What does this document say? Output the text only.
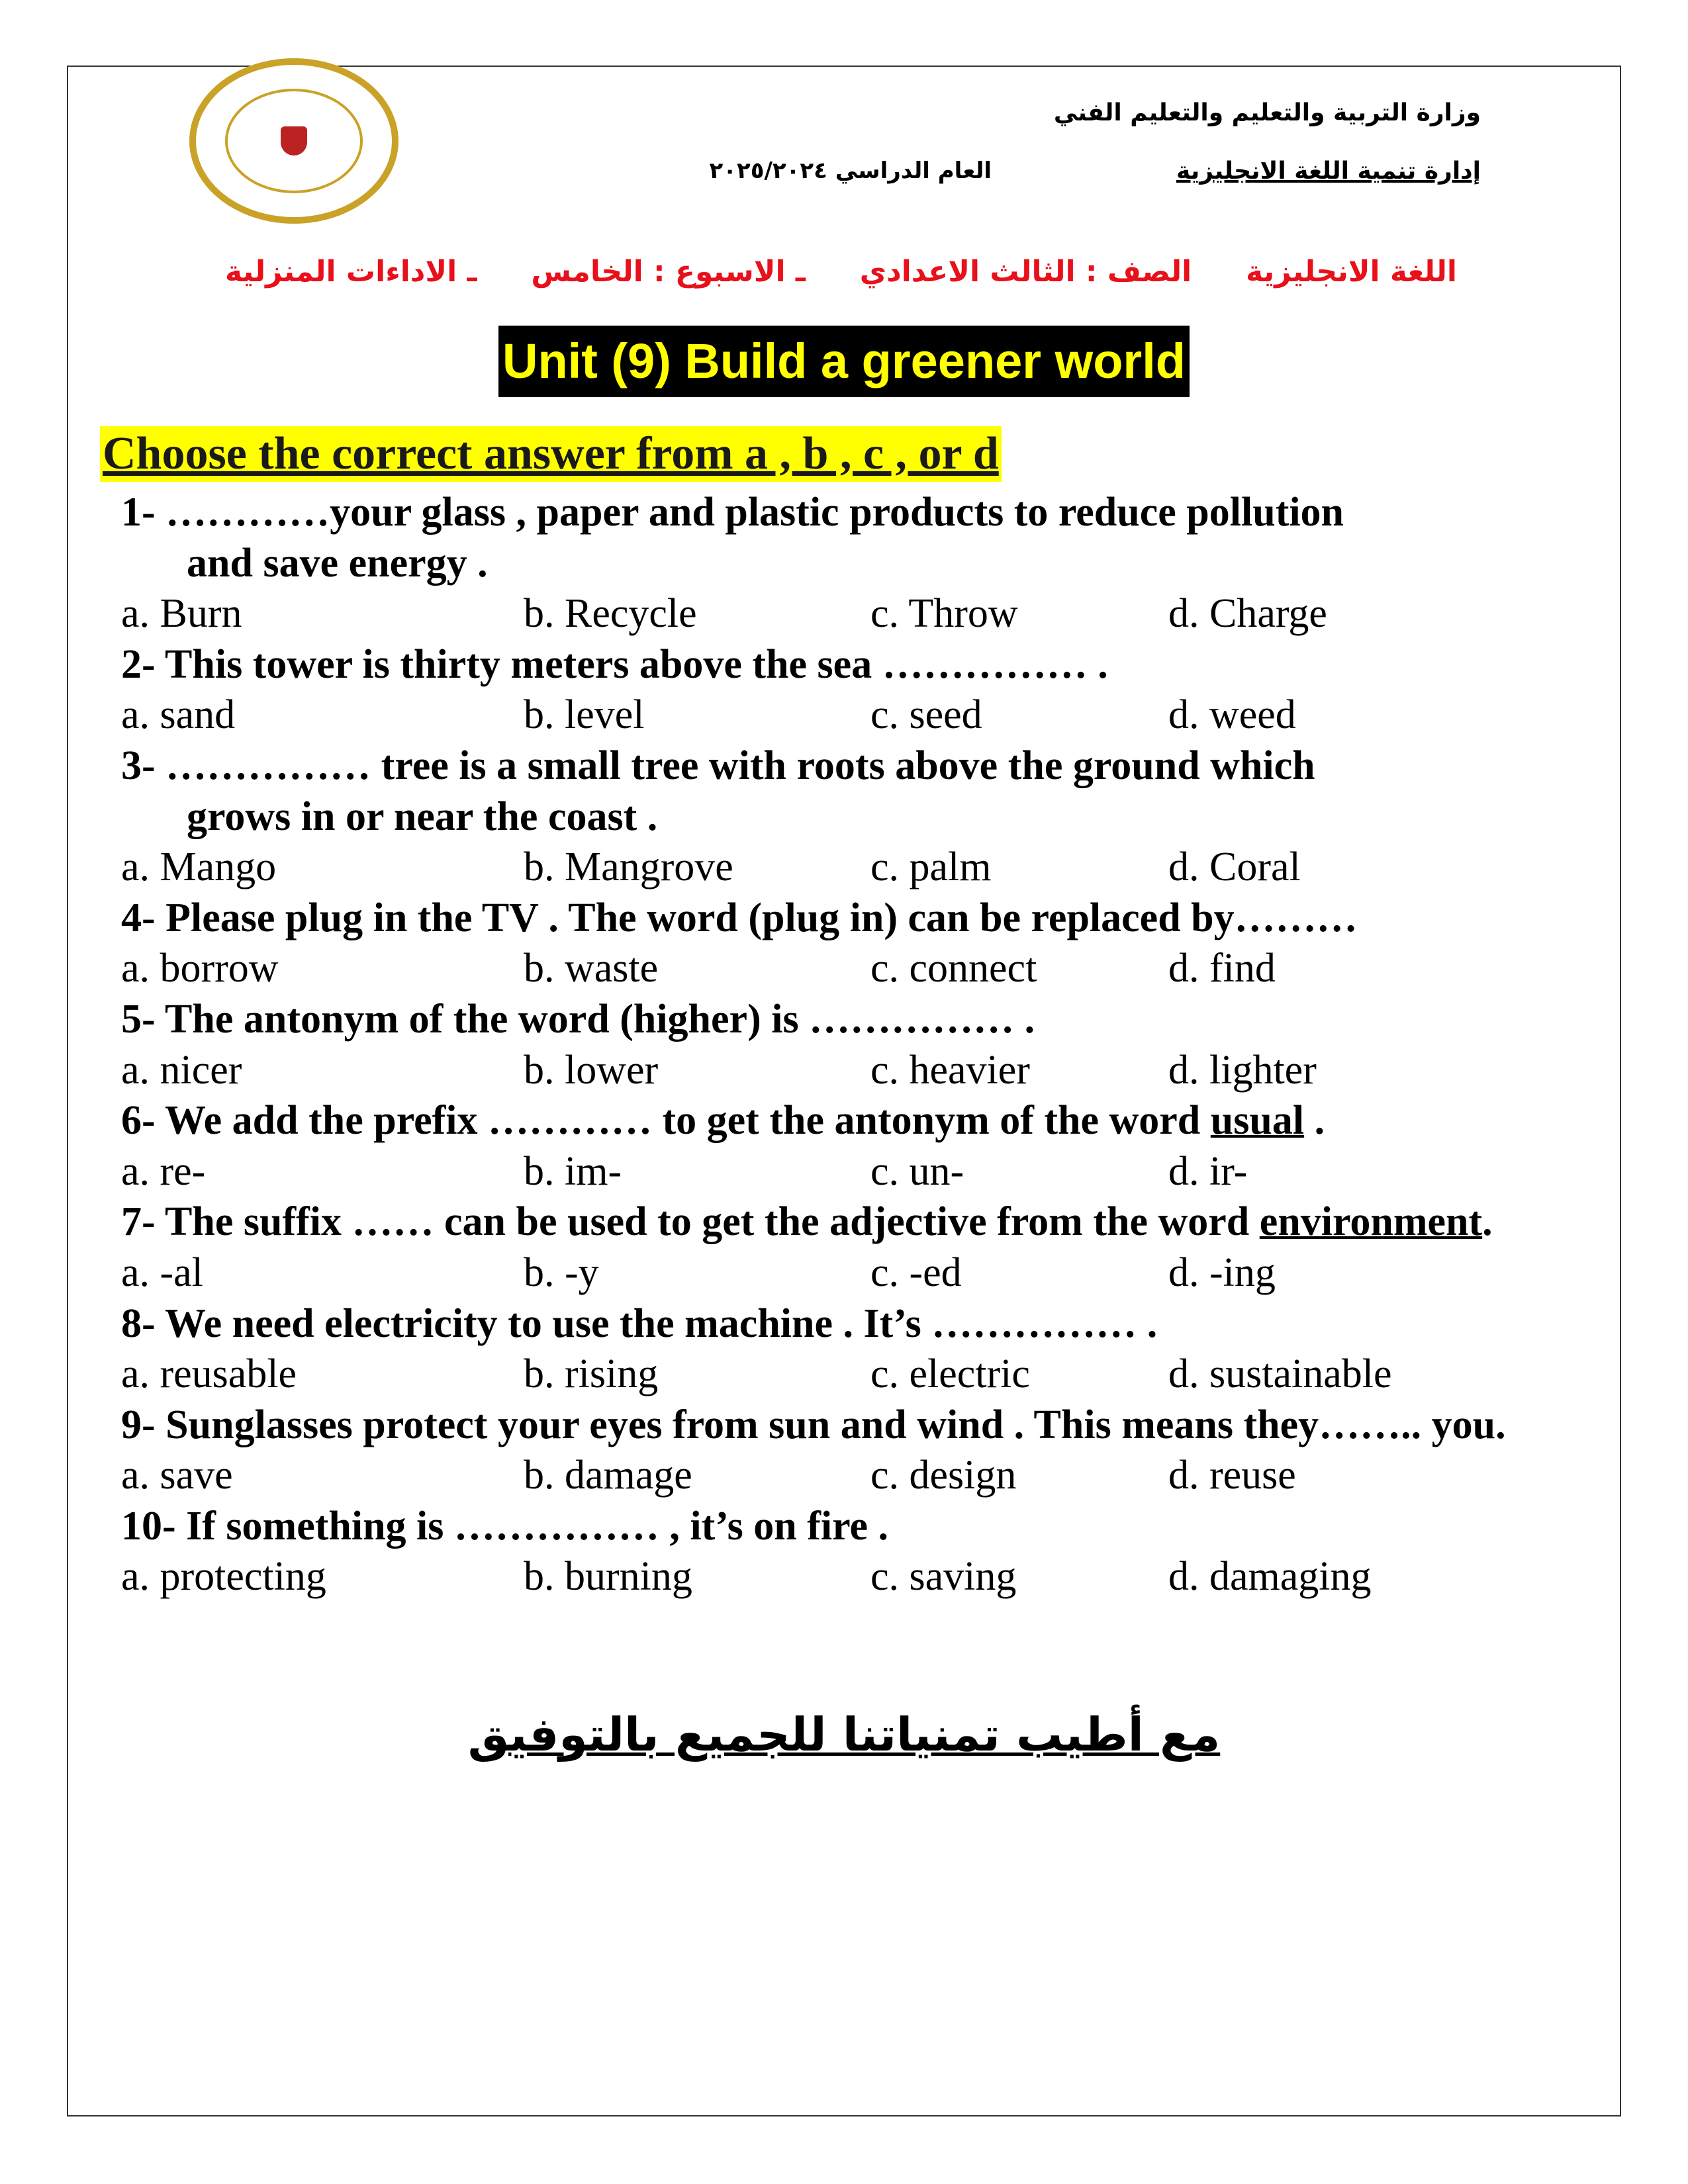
وزارة التربية والتعليم والتعليم الفني
إدارة تنمية اللغة الانجليزية
العام الدراسي ٢٠٢٥/٢٠٢٤
اللغة الانجليزية
الصف : الثالث الاعدادي
ـ الاسبوع : الخامس
ـ الاداءات المنزلية
Unit (9) Build a greener world
Choose the correct answer from a , b , c , or d
1- …………your glass , paper and plastic products to reduce pollution
and save energy .
a. Burn	b. Recycle	c. Throw	d. Charge
2- This tower is thirty meters above the sea …………… .
a. sand	b. level	c. seed	d. weed
3- …………… tree is a small tree with roots above the ground which
grows in or near the coast .
a. Mango	b. Mangrove	c. palm	d. Coral
4- Please plug in the TV . The word (plug in) can be replaced by………
a. borrow	b. waste	c. connect	d. find
5- The antonym of the word (higher) is …………… .
a. nicer	b. lower	c. heavier	d. lighter
6- We add the prefix ………… to get the antonym of the word usual .
a. re-	b. im-	c. un-	d. ir-
7- The suffix …… can be used to get the adjective from the word environment.
a. -al	b. -y	c. -ed	d. -ing
8- We need electricity to use the machine . It’s …………… .
a. reusable	b. rising	c. electric	d. sustainable
9- Sunglasses protect your eyes from sun and wind . This means they…….. you.
a. save	b. damage	c. design	d. reuse
10- If something is …………… , it’s on fire .
a. protecting	b. burning	c. saving	d. damaging
مع أطيب تمنياتنا للجميع بالتوفيق
